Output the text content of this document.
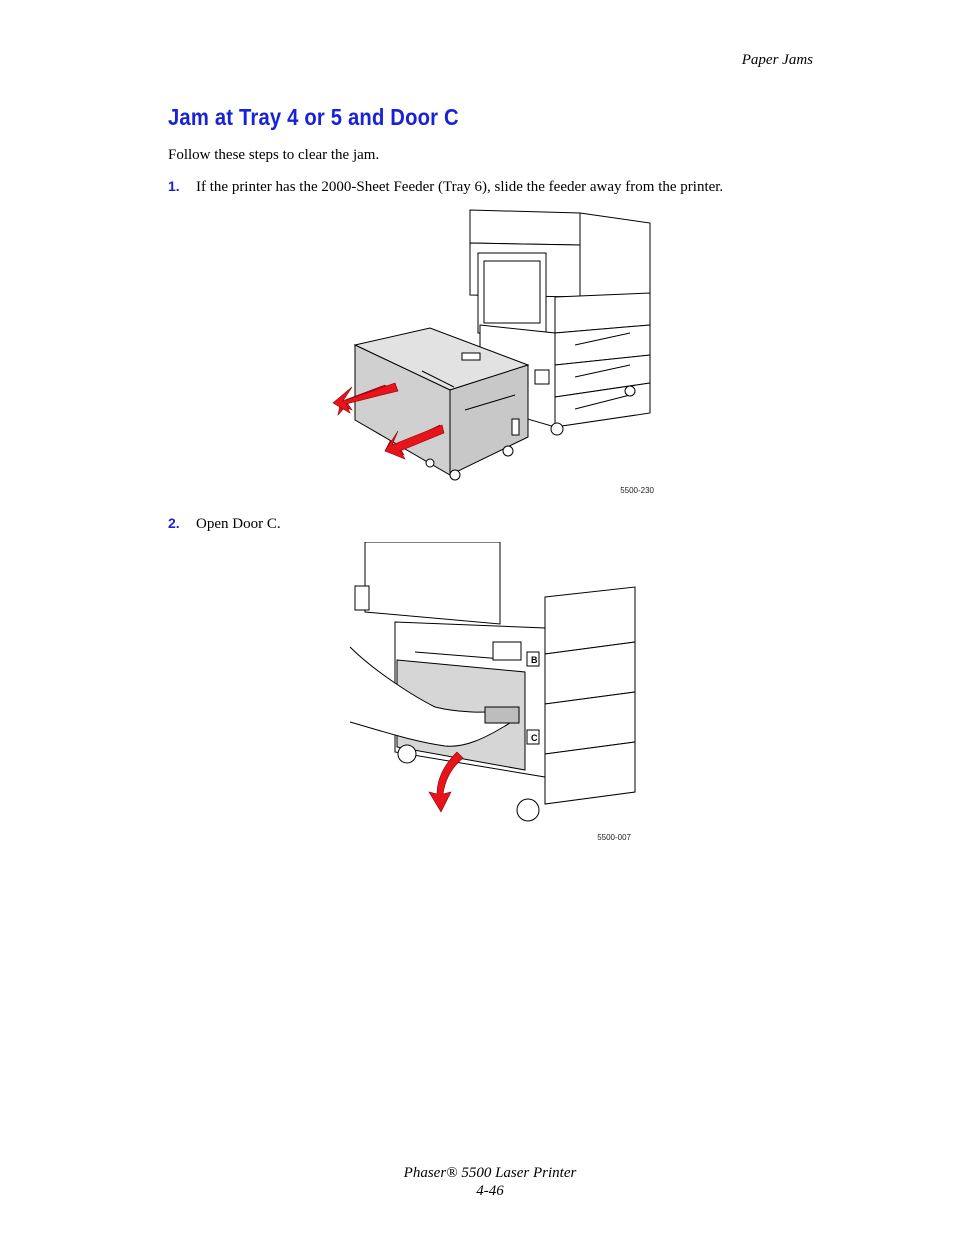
Paper Jams
Jam at Tray 4 or 5 and Door C
Follow these steps to clear the jam.
1. If the printer has the 2000-Sheet Feeder (Tray 6), slide the feeder away from the printer.
5500-230
2. Open Door C.
B
C
5500-007
Phaser® 5500 Laser Printer
4-46
